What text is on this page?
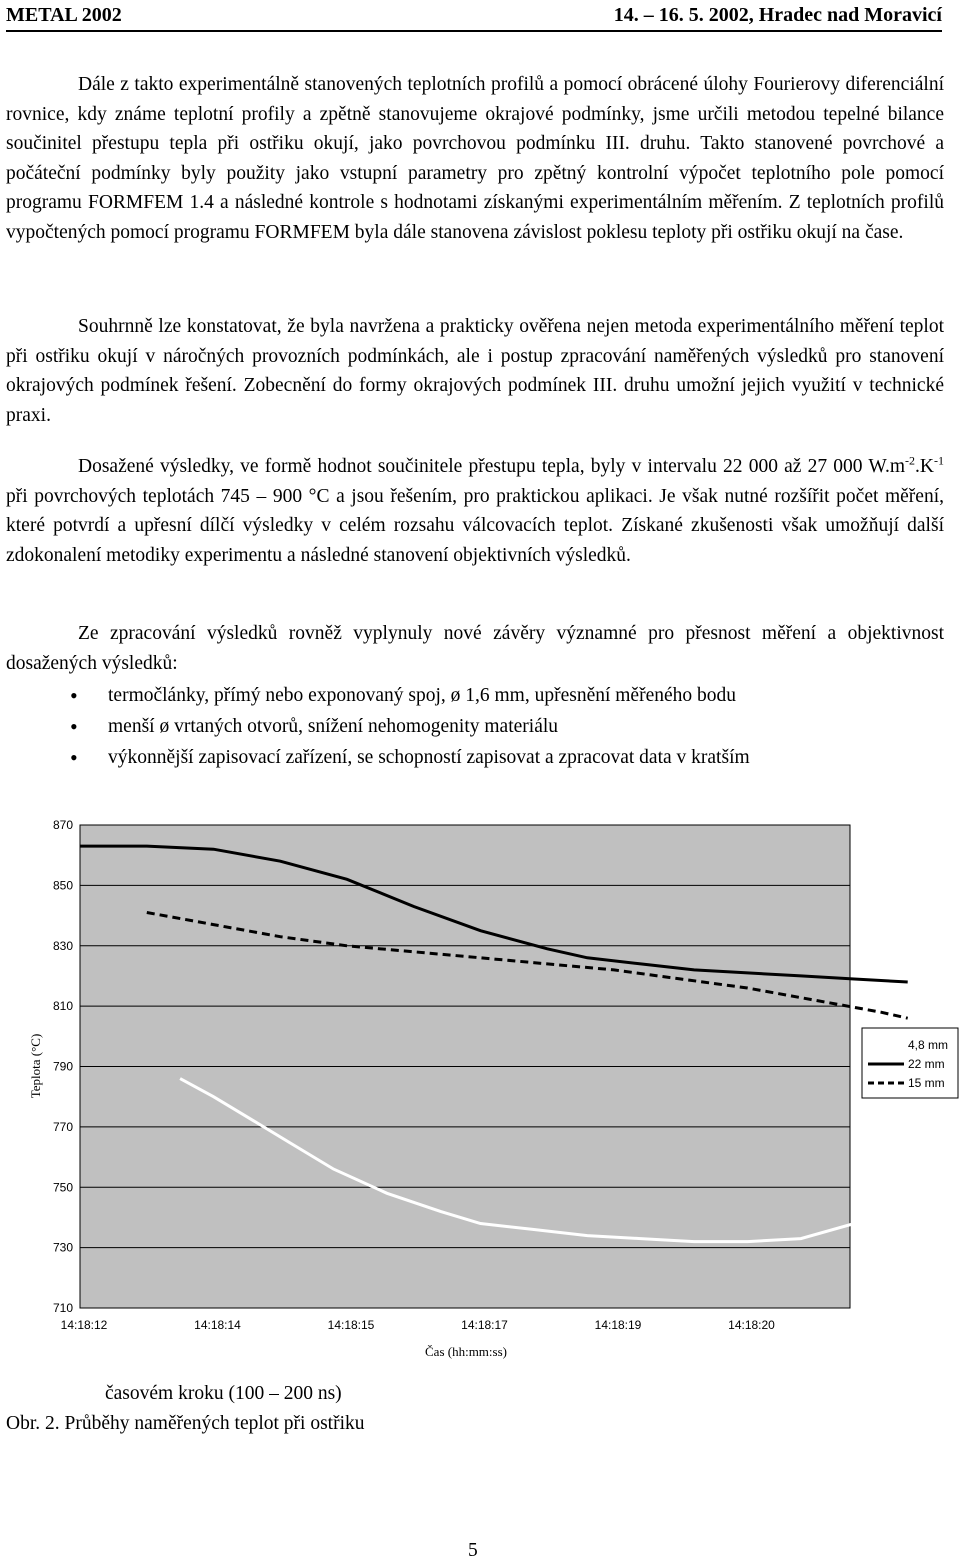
METAL 2002	14. – 16. 5. 2002, Hradec nad Moravicí

Dále z takto experimentálně stanovených teplotních profilů a pomocí obrácené úlohy Fourierovy diferenciální rovnice, kdy známe teplotní profily a zpětně stanovujeme okrajové podmínky, jsme určili metodou tepelné bilance součinitel přestupu tepla při ostřiku okují, jako povrchovou podmínku III. druhu. Takto stanovené povrchové a počáteční podmínky byly použity jako vstupní parametry pro zpětný kontrolní výpočet teplotního pole pomocí programu FORMFEM 1.4 a následné kontrole s hodnotami získanými experimentálním měřením. Z teplotních profilů vypočtených pomocí programu FORMFEM byla dále stanovena závislost poklesu teploty při ostřiku okují na čase.

Souhrnně lze konstatovat, že byla navržena a prakticky ověřena nejen metoda experimentálního měření teplot při ostřiku okují v náročných provozních podmínkách, ale i postup zpracování naměřených výsledků pro stanovení okrajových podmínek řešení. Zobecnění do formy okrajových podmínek III. druhu umožní jejich využití v technické praxi.

Dosažené výsledky, ve formě hodnot součinitele přestupu tepla, byly v intervalu 22 000 až 27 000 $W.m^{-2}.K^{-1}$ při povrchových teplotách 745 – 900 °C a jsou řešením, pro praktickou aplikaci. Je však nutné rozšířit počet měření, které potvrdí a upřesní dílčí výsledky v celém rozsahu válcovacích teplot. Získané zkušenosti však umožňují další zdokonalení metodiky experimentu a následné stanovení objektivních výsledků.

Ze zpracování výsledků rovněž vyplynuly nové závěry významné pro přesnost měření a objektivnost dosažených výsledků:

• termočlánky, přímý nebo exponovaný spoj, ø 1,6 mm, upřesnění měřeného bodu
• menší ø vrtaných otvorů, snížení nehomogenity materiálu
• výkonnější zapisovací zařízení, se schopností zapisovat a zpracovat data v kratším
870
850
830
810
790
770
750
730
710
14:18:12	14:18:14	14:18:15	14:18:17	14:18:19	14:18:20
Teplota (°C)
Čas (hh:mm:ss)
4,8 mm
22 mm
15 mm
časovém kroku (100 – 200 ns)
Obr. 2. Průběhy naměřených teplot při ostřiku
5
